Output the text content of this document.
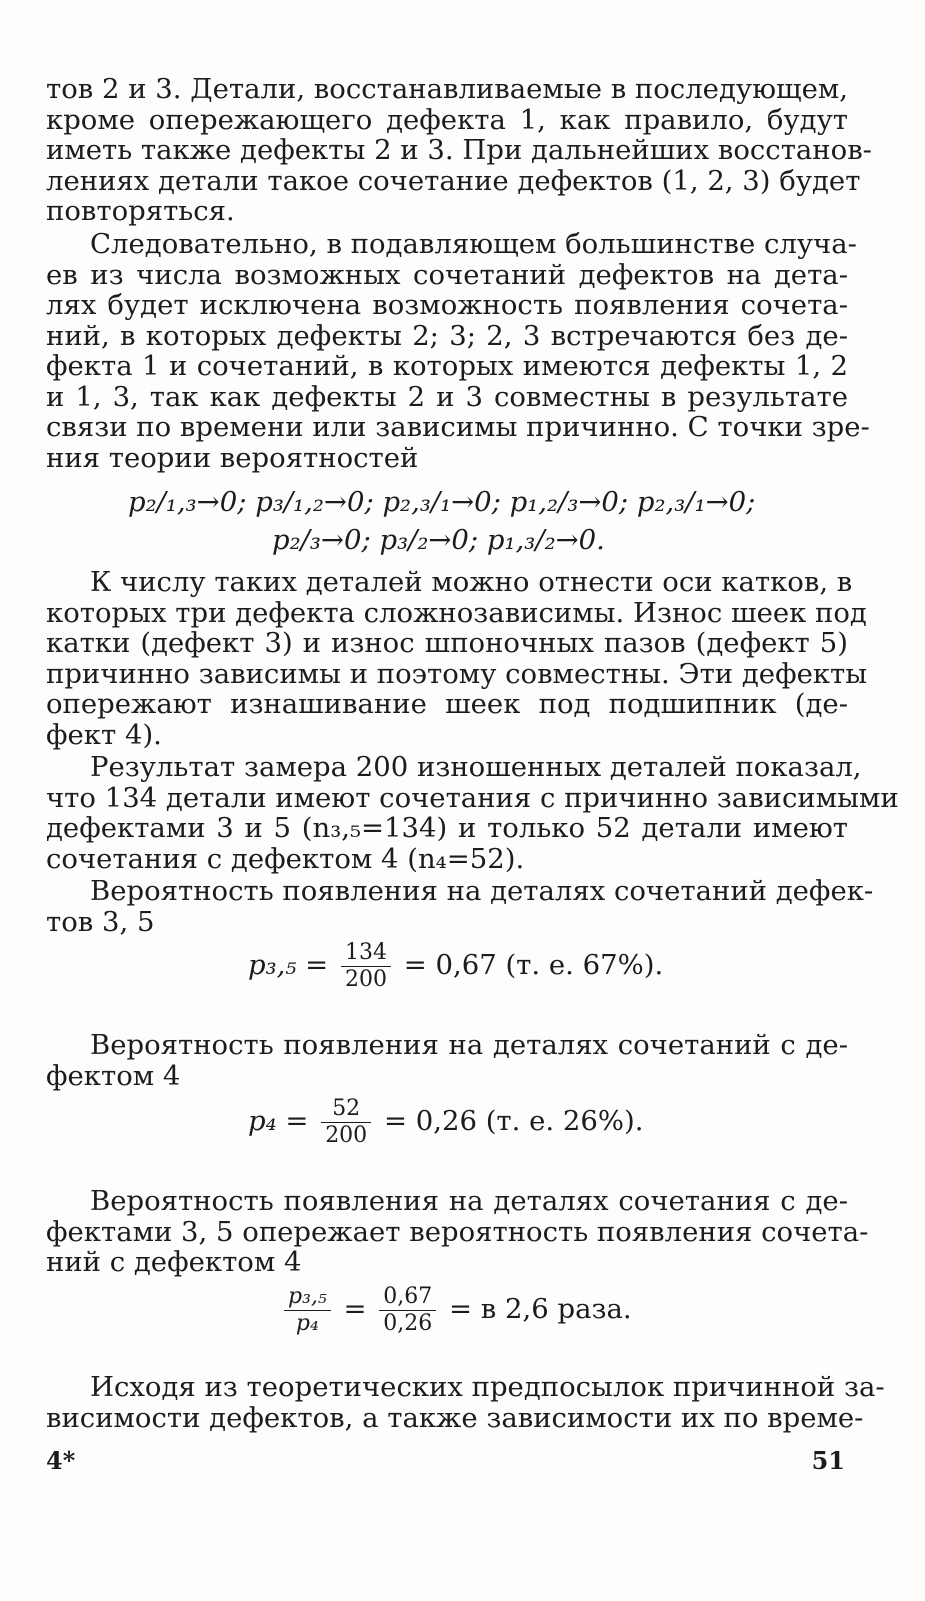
тов 2 и 3. Детали, восстанавливаемые в последующем,
кроме опережающего дефекта 1, как правило, будут
иметь также дефекты 2 и 3. При дальнейших восстанов-
лениях детали такое сочетание дефектов (1, 2, 3) будет
повторяться.
Следовательно, в подавляющем большинстве случа-
ев из числа возможных сочетаний дефектов на дета-
лях будет исключена возможность появления сочета-
ний, в которых дефекты 2; 3; 2, 3 встречаются без де-
фекта 1 и сочетаний, в которых имеются дефекты 1, 2
и 1, 3, так как дефекты 2 и 3 совместны в результате
связи по времени или зависимы причинно. С точки зре-
ния теории вероятностей
p₂/₁,₃→0; p₃/₁,₂→0; p₂,₃/₁→0; p₁,₂/₃→0; p₂,₃/₁→0;
p₂/₃→0; p₃/₂→0; p₁,₃/₂→0.
К числу таких деталей можно отнести оси катков, в
которых три дефекта сложнозависимы. Износ шеек под
катки (дефект 3) и износ шпоночных пазов (дефект 5)
причинно зависимы и поэтому совместны. Эти дефекты
опережают изнашивание шеек под подшипник (де-
фект 4).
Результат замера 200 изношенных деталей показал,
что 134 детали имеют сочетания с причинно зависимыми
дефектами 3 и 5 (n₃,₅=134) и только 52 детали имеют
сочетания с дефектом 4 (n₄=52).
Вероятность появления на деталях сочетаний дефек-
тов 3, 5
$p_3,_5 = \frac{134}{200} = 0,67$ (т. е. 67%).
Вероятность появления на деталях сочетаний с де-
фектом 4
$p_4 = \frac{52}{200} = 0,26$ (т. е. 26%).
Вероятность появления на деталях сочетания с де-
фектами 3, 5 опережает вероятность появления сочета-
ний с дефектом 4
$\frac{\text{p₃,₅}}{\text{p₄}} = \frac{0,67}{0,26} = в$ 2,6 раза.
Исходя из теоретических предпосылок причинной за-
висимости дефектов, а также зависимости их по време-
4*	51
